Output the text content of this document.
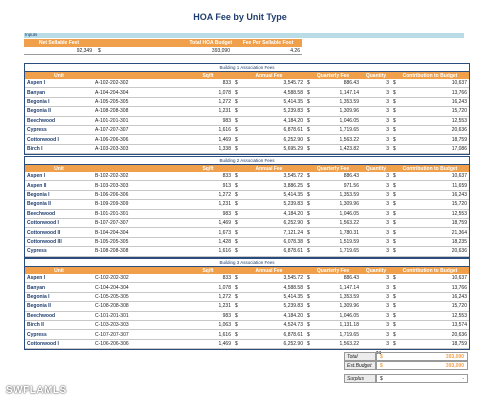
HOA Fee by Unit Type
Inputs
Net Sellable Feet	Total HOA Budget	Fee Per Sellable Foot
92,349	$	393,090	4.26
Building 1 Association Fees
Unit	Sq/ft	Annual Fee	Quarterly Fee	Quantity	Contribution to Budget
Aspen I	A-102-202-302	833 $	3,545.72 $	886.43	3 $	10,637
Banyan	A-104-204-304	1,078 $	4,588.58 $	1,147.14	3 $	13,766
Begonia I	A-105-205-305	1,272 $	5,414.35 $	1,353.59	3 $	16,243
Begonia II	A-108-208-308	1,231 $	5,239.83 $	1,309.96	3 $	15,720
Beechwood	A-101-201-301	983 $	4,184.20 $	1,046.05	3 $	12,553
Cypress	A-107-207-307	1,616 $	6,878.61 $	1,719.65	3 $	20,636
Cottonwood I	A-106-206-306	1,469 $	6,252.90 $	1,563.22	3 $	18,759
Birch I	A-103-203-303	1,338 $	5,695.29 $	1,423.82	3 $	17,086
Building 2 Association Fees
Unit	Sq/ft	Annual Fee	Quarterly Fee	Quantity	Contribution to Budget
Aspen I	B-102-202-302	833 $	3,545.72 $	886.43	3 $	10,637
Aspen II	B-103-203-303	913 $	3,886.25 $	971.56	3 $	11,659
Begonia I	B-106-206-306	1,272 $	5,414.35 $	1,353.59	3 $	16,243
Begonia II	B-109-209-309	1,231 $	5,239.83 $	1,309.96	3 $	15,720
Beechwood	B-101-201-301	983 $	4,184.20 $	1,046.05	3 $	12,553
Cottonwood I	B-107-207-307	1,469 $	6,252.90 $	1,563.22	3 $	18,759
Cottonwood II	B-104-204-304	1,673 $	7,121.24 $	1,780.31	3 $	21,364
Cottonwood III	B-105-205-305	1,428 $	6,078.38 $	1,519.59	3 $	18,235
Cypress	B-108-208-308	1,616 $	6,878.61 $	1,719.65	3 $	20,636
Building 3 Association Fees
Unit	Sq/ft	Annual Fee	Quarterly Fee	Quantity	Contribution to Budget
Aspen I	C-102-202-302	833 $	3,545.72 $	886.43	3 $	10,637
Banyan	C-104-204-304	1,078 $	4,588.58 $	1,147.14	3 $	13,766
Begonia I	C-105-205-305	1,272 $	5,414.35 $	1,353.59	3 $	16,243
Begonia II	C-108-208-308	1,231 $	5,239.83 $	1,309.96	3 $	15,720
Beechwood	C-101-201-301	983 $	4,184.20 $	1,046.05	3 $	12,553
Birch II	C-103-203-303	1,063 $	4,524.73 $	1,131.18	3 $	13,574
Cypress	C-107-207-307	1,616 $	6,878.61 $	1,719.65	3 $	20,636
Cottonwood I	C-106-206-306	1,469 $	6,252.90 $	1,563.22	3 $	18,759
24
Total	$	393,090
Est.Budget	$	393,090
Surplus	$	-
SWFLAMLS
